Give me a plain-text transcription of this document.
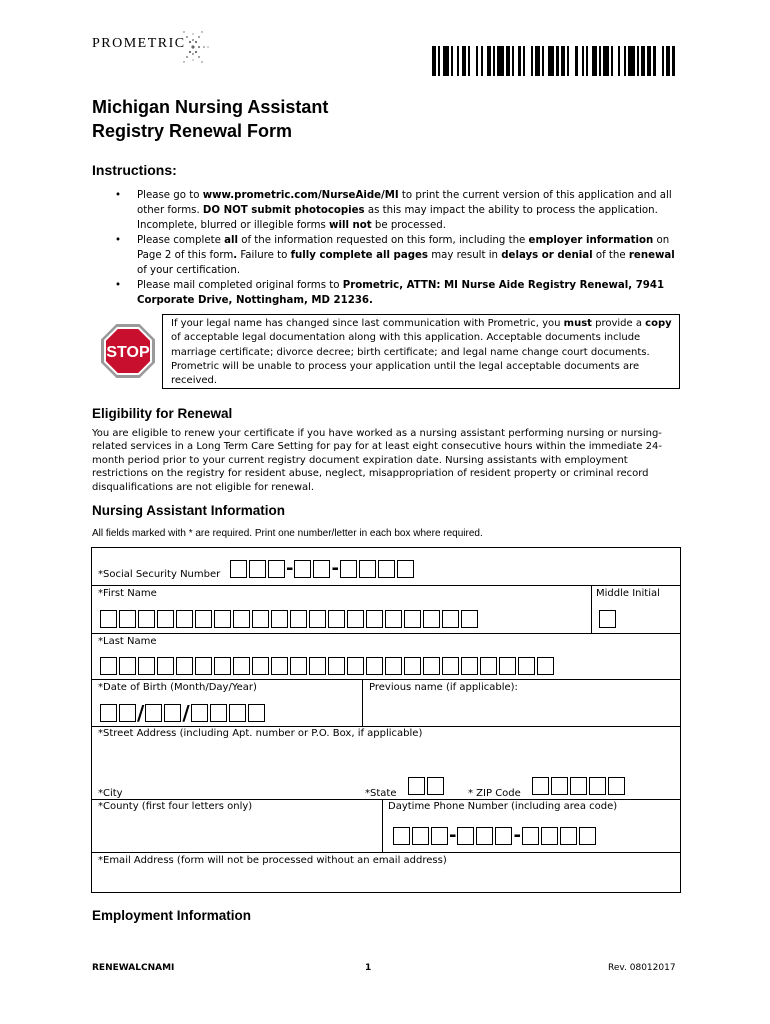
PROMETRIC
Michigan Nursing Assistant
Registry Renewal Form
Instructions:
• Please go to www.prometric.com/NurseAide/MI to print the current version of this application and all other forms. DO NOT submit photocopies as this may impact the ability to process the application. Incomplete, blurred or illegible forms will not be processed.
• Please complete all of the information requested on this form, including the employer information on Page 2 of this form. Failure to fully complete all pages may result in delays or denial of the renewal of your certification.
• Please mail completed original forms to Prometric, ATTN: MI Nurse Aide Registry Renewal, 7941 Corporate Drive, Nottingham, MD 21236.
STOP
If your legal name has changed since last communication with Prometric, you must provide a copy of acceptable legal documentation along with this application. Acceptable documents include marriage certificate; divorce decree; birth certificate; and legal name change court documents. Prometric will be unable to process your application until the legal acceptable documents are received.
Eligibility for Renewal
You are eligible to renew your certificate if you have worked as a nursing assistant performing nursing or nursing-related services in a Long Term Care Setting for pay for at least eight consecutive hours within the immediate 24-month period prior to your current registry document expiration date. Nursing assistants with employment restrictions on the registry for resident abuse, neglect, misappropriation of resident property or criminal record disqualifications are not eligible for renewal.
Nursing Assistant Information
All fields marked with * are required. Print one number/letter in each box where required.
*Social Security Number	- -
*First Name	Middle Initial
*Last Name
*Date of Birth (Month/Day/Year)	Previous name (if applicable):
/ /
*Street Address (including Apt. number or P.O. Box, if applicable)
*City	*State	* ZIP Code
*County (first four letters only)	Daytime Phone Number (including area code)
-	-
*Email Address (form will not be processed without an email address)
Employment Information
RENEWALCNAMI	1	Rev. 08012017
